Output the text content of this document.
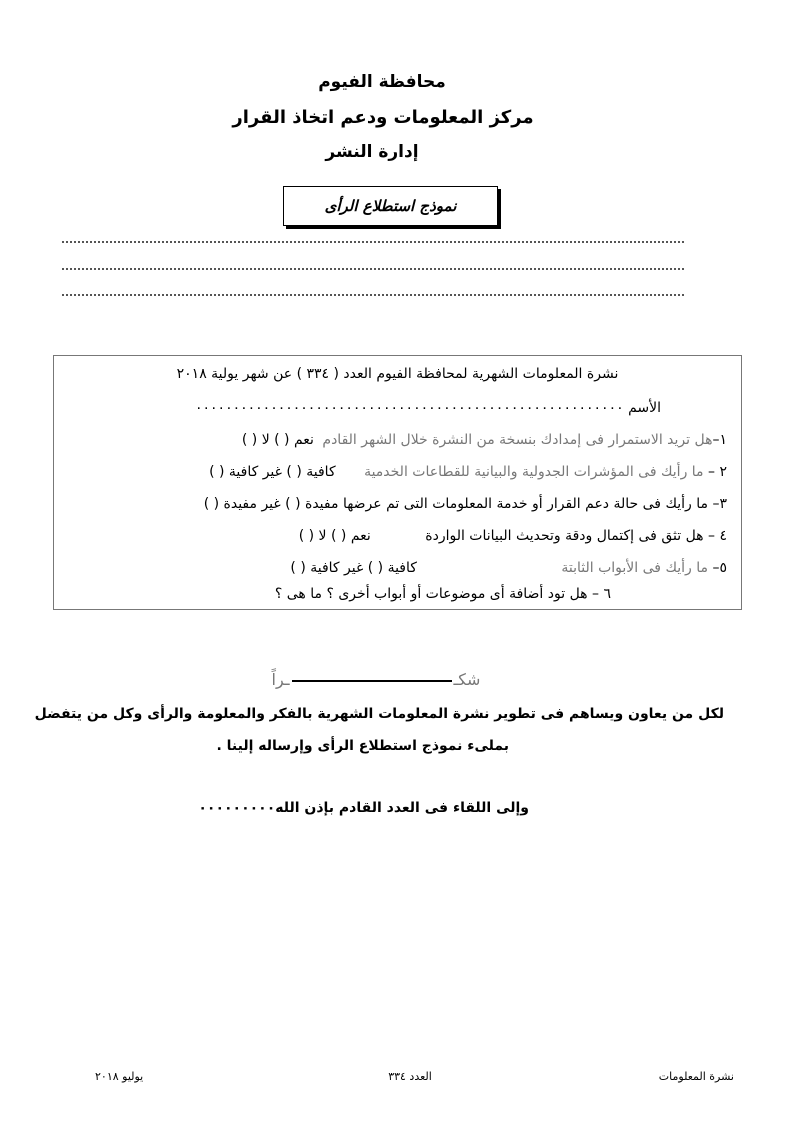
محافظة الفيوم
مركز المعلومات ودعم اتخاذ القرار
إدارة النشر
نموذج استطلاع الرأى
نشرة المعلومات الشهرية لمحافظة الفيوم العدد ( ٣٣٤ ) عن شهر يولية ٢٠١٨
الأسم ٠٠٠٠٠٠٠٠٠٠٠٠٠٠٠٠٠٠٠٠٠٠٠٠٠٠٠٠٠٠٠٠٠٠٠٠٠٠٠٠٠٠٠٠٠٠٠٠٠٠٠٠٠٠٠٠٠
١–هل تريد الاستمرار فى إمدادك بنسخة من النشرة خلال الشهر القادم نعم ( ) لا ( )
٢ – ما رأيك فى المؤشرات الجدولية والبيانية للقطاعات الخدمية كافية ( ) غير كافية ( )
٣– ما رأيك فى حالة دعم القرار أو خدمة المعلومات التى تم عرضها مفيدة ( ) غير مفيدة ( )
٤ – هل تثق فى إكتمال ودقة وتحديث البيانات الواردة نعم ( ) لا ( )
٥– ما رأيك فى الأبواب الثابتة كافية ( ) غير كافية ( )
٦ – هل تود أضافة أى موضوعات أو أبواب أخرى ؟ ما هى ؟
شكــراً
لكل من يعاون ويساهم فى تطوير نشرة المعلومات الشهرية بالفكر والمعلومة والرأى وكل من يتفضل
بملىء نموذج استطلاع الرأى وإرساله إلينا .
وإلى اللقاء فى العدد القادم بإذن الله٠٠٠٠٠٠٠٠٠
نشرة المعلومات
العدد ٣٣٤
يوليو ٢٠١٨
